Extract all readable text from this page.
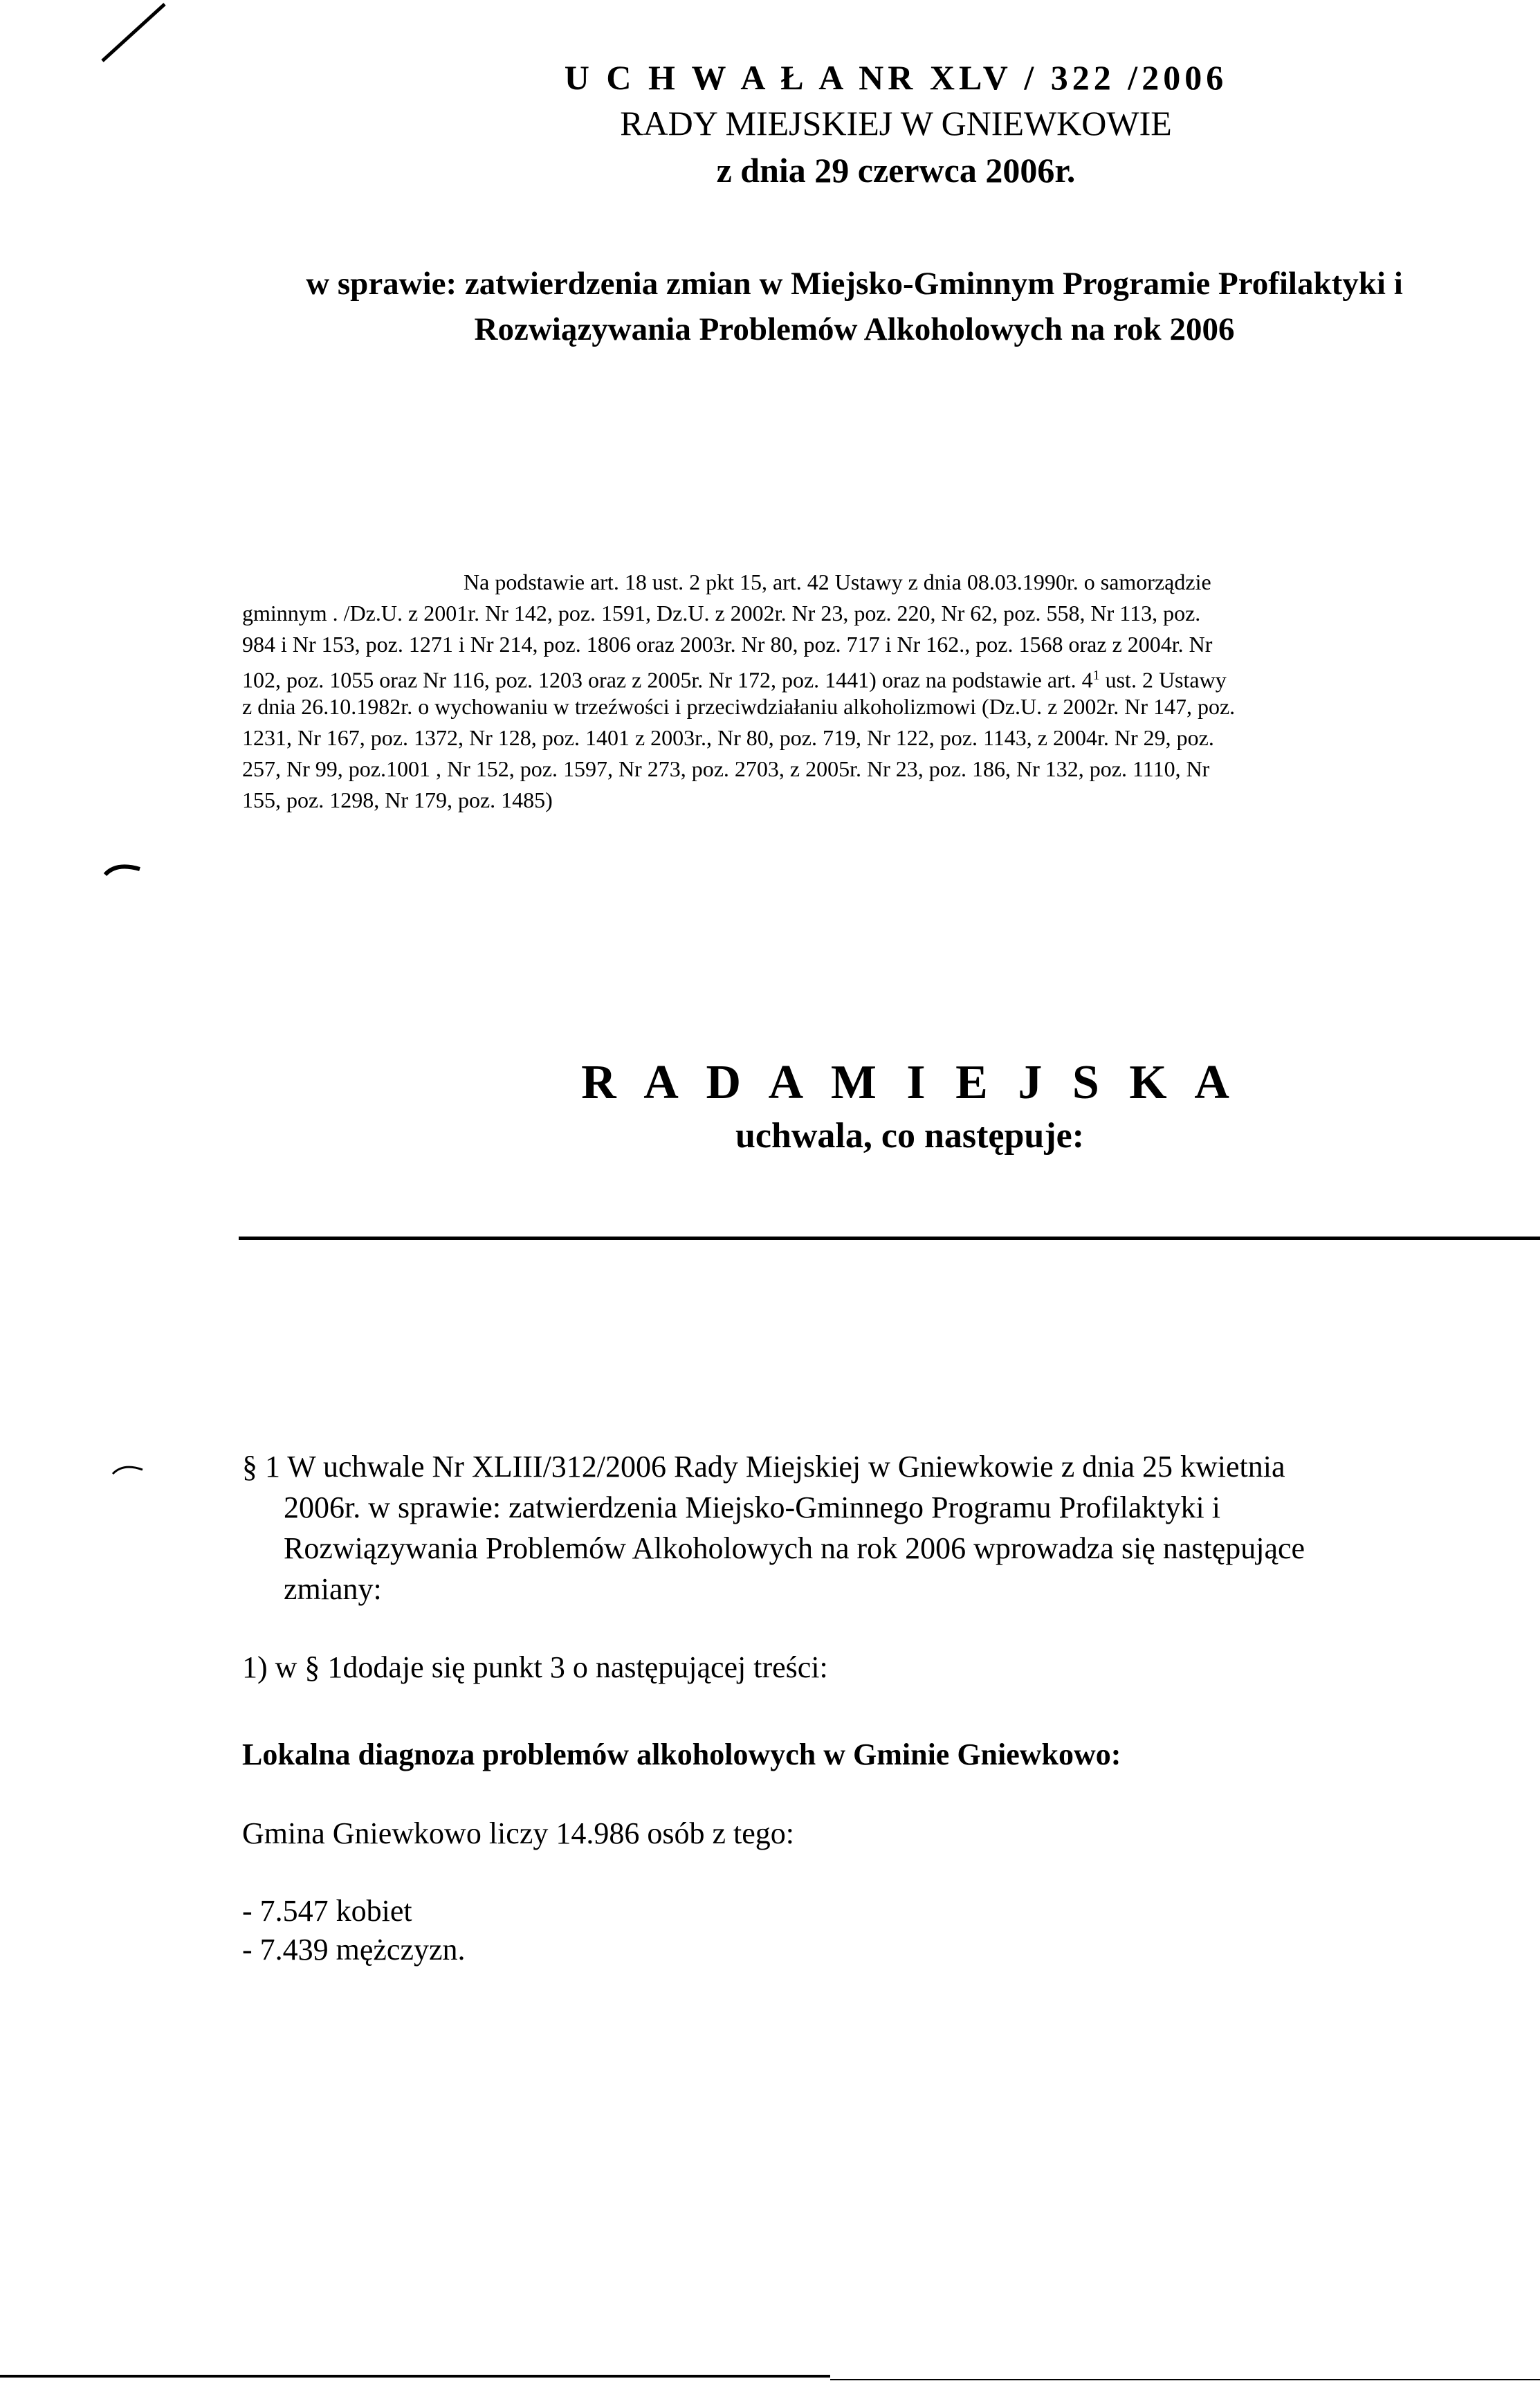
U C H W A Ł A NR XLV / 322 /2006
RADY MIEJSKIEJ W GNIEWKOWIE
z dnia 29 czerwca 2006r.
w sprawie: zatwierdzenia zmian w Miejsko-Gminnym Programie Profilaktyki i
Rozwiązywania Problemów Alkoholowych na rok 2006
Na podstawie art. 18 ust. 2 pkt 15, art. 42 Ustawy z dnia 08.03.1990r. o samorządzie
gminnym . /Dz.U. z 2001r. Nr 142, poz. 1591, Dz.U. z 2002r. Nr 23, poz. 220, Nr 62, poz. 558, Nr 113, poz.
984 i Nr 153, poz. 1271 i Nr 214, poz. 1806 oraz 2003r. Nr 80, poz. 717 i Nr 162., poz. 1568 oraz z 2004r. Nr
102, poz. 1055 oraz Nr 116, poz. 1203 oraz z 2005r. Nr 172, poz. 1441) oraz na podstawie art. $4^1$ ust. 2 Ustawy
z dnia 26.10.1982r. o wychowaniu w trzeźwości i przeciwdziałaniu alkoholizmowi (Dz.U. z 2002r. Nr 147, poz.
1231, Nr 167, poz. 1372, Nr 128, poz. 1401 z 2003r., Nr 80, poz. 719, Nr 122, poz. 1143, z 2004r. Nr 29, poz.
257, Nr 99, poz.1001 , Nr 152, poz. 1597, Nr 273, poz. 2703, z 2005r. Nr 23, poz. 186, Nr 132, poz. 1110, Nr
155, poz. 1298, Nr 179, poz. 1485)
R A D A M I E J S K A
uchwala, co następuje:
§ 1 W uchwale Nr XLIII/312/2006 Rady Miejskiej w Gniewkowie z dnia 25 kwietnia
2006r. w sprawie: zatwierdzenia Miejsko-Gminnego Programu Profilaktyki i
Rozwiązywania Problemów Alkoholowych na rok 2006 wprowadza się następujące
zmiany:
1) w § 1dodaje się punkt 3 o następującej treści:
Lokalna diagnoza problemów alkoholowych w Gminie Gniewkowo:
Gmina Gniewkowo liczy 14.986 osób z tego:
- 7.547 kobiet
- 7.439 mężczyzn.
